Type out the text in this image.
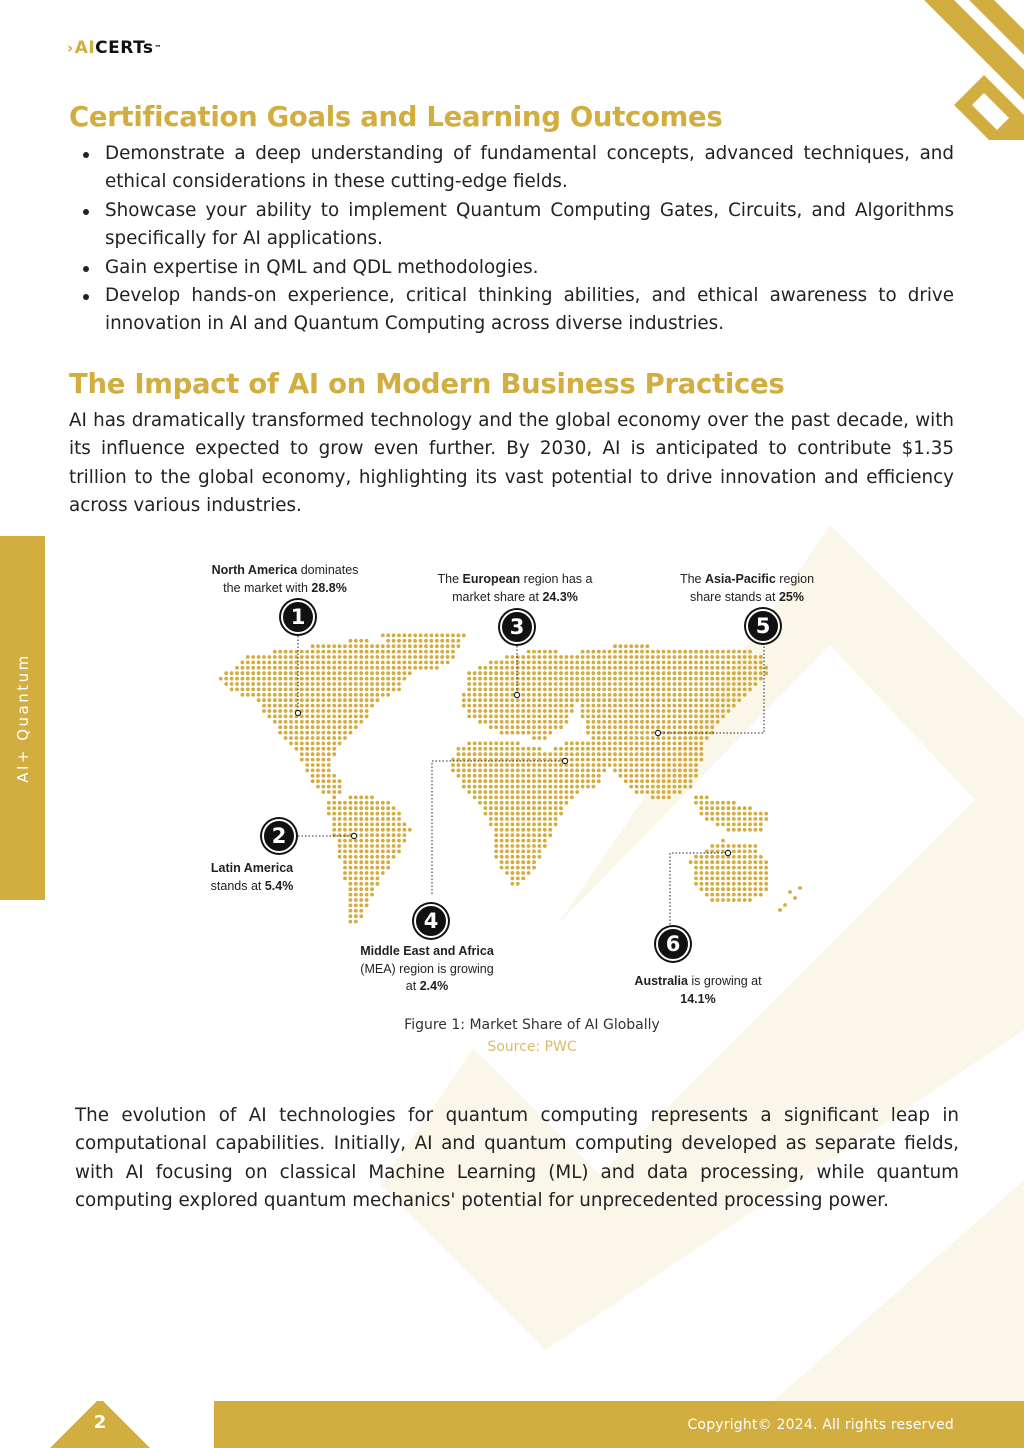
› AI CERTs ™
AI+ Quantum
Certification Goals and Learning Outcomes
Demonstrate a deep understanding of fundamental concepts, advanced techniques, and ethical considerations in these cutting-edge fields.
Showcase your ability to implement Quantum Computing Gates, Circuits, and Algorithms specifically for AI applications.
Gain expertise in QML and QDL methodologies.
Develop hands-on experience, critical thinking abilities, and ethical awareness to drive innovation in AI and Quantum Computing across diverse industries.
The Impact of AI on Modern Business Practices

AI has dramatically transformed technology and the global economy over the past decade, with its influence expected to grow even further. By 2030, AI is anticipated to contribute $1.35 trillion to the global economy, highlighting its vast potential to drive innovation and efficiency across various industries.

North America dominates
the market with 28.8%
Latin America
stands at 5.4%
The European region has a
market share at 24.3%
Middle East and Africa
(MEA) region is growing
at 2.4%
The Asia-Pacific region
share stands at 25%
Australia is growing at
14.1%
1
2
3
4
5
6
Figure 1: Market Share of AI Globally
Source: PWC

The evolution of AI technologies for quantum computing represents a significant leap in computational capabilities. Initially, AI and quantum computing developed as separate fields, with AI focusing on classical Machine Learning (ML) and data processing, while quantum computing explored quantum mechanics' potential for unprecedented processing power.

2	Copyright© 2024. All rights reserved
